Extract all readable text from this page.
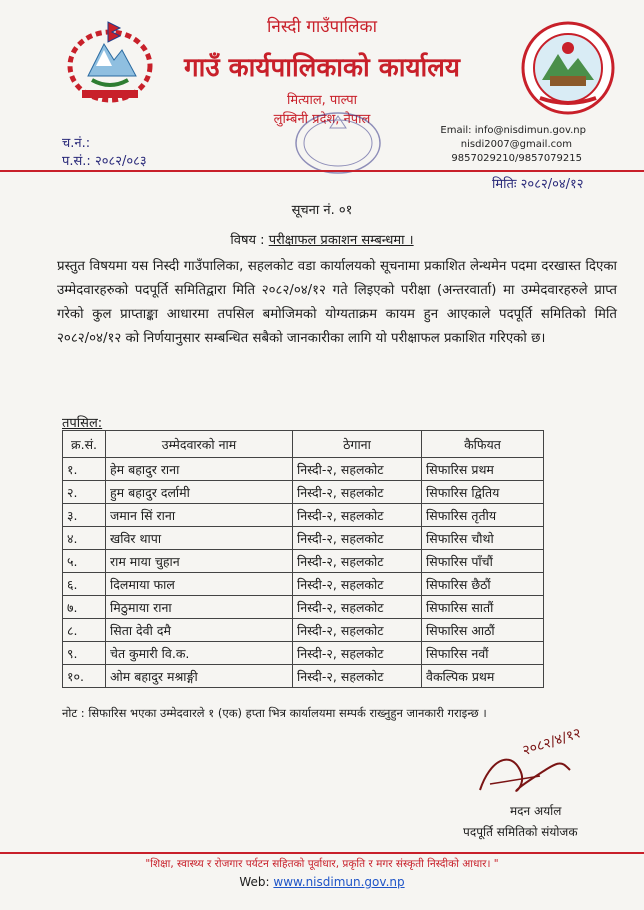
निस्दी गाउँपालिका
गाउँ कार्यपालिकाको कार्यालय
मित्याल, पाल्पा
लुम्बिनी प्रदेश, नेपाल
Email: info@nisdimun.gov.np
nisdi2007@gmail.com
9857029210/9857079215
च.नं.:
प.सं.: २०८२/०८३
मितिः २०८२/०४/१२
सूचना नं. ०१
विषय : परीक्षाफल प्रकाशन सम्बन्धमा ।
प्रस्तुत विषयमा यस निस्दी गाउँपालिका, सहलकोट वडा कार्यालयको सूचनामा प्रकाशित लेन्थमेन पदमा दरखास्त दिएका उम्मेदवारहरुको पदपूर्ति समितिद्वारा मिति २०८२/०४/१२ गते लिइएको परीक्षा (अन्तरवार्ता) मा उम्मेदवारहरुले प्राप्त गरेको कुल प्राप्ताङ्का आधारमा तपसिल बमोजिमको योग्यताक्रम कायम हुन आएकाले पदपूर्ति समितिको मिति २०८२/०४/१२ को निर्णयानुसार सम्बन्धित सबैको जानकारीका लागि यो परीक्षाफल प्रकाशित गरिएको छ।
तपसिल:
क्र.सं.	उम्मेदवारको नाम	ठेगाना	कैफियत
१.	हेम बहादुर राना	निस्दी-२, सहलकोट	सिफारिस प्रथम
२.	हुम बहादुर दर्लामी	निस्दी-२, सहलकोट	सिफारिस द्वितिय
३.	जमान सिं राना	निस्दी-२, सहलकोट	सिफारिस तृतीय
४.	खविर थापा	निस्दी-२, सहलकोट	सिफारिस चौथो
५.	राम माया चुहान	निस्दी-२, सहलकोट	सिफारिस पाँचौं
६.	दिलमाया फाल	निस्दी-२, सहलकोट	सिफारिस छैठौं
७.	मिठुमाया राना	निस्दी-२, सहलकोट	सिफारिस सातौं
८.	सिता देवी दमै	निस्दी-२, सहलकोट	सिफारिस आठौं
९.	चेत कुमारी वि.क.	निस्दी-२, सहलकोट	सिफारिस नवौं
१०.	ओम बहादुर मश्राङ्गी	निस्दी-२, सहलकोट	वैकल्पिक प्रथम
नोट : सिफारिस भएका उम्मेदवारले १ (एक) हप्ता भित्र कार्यालयमा सम्पर्क राख्नुहुन जानकारी गराइन्छ ।
२०८२/४/१२
मदन अर्याल
पदपूर्ति समितिको संयोजक
"शिक्षा, स्वास्थ्य र रोजगार पर्यटन सहितको पूर्वाधार, प्रकृति र मगर संस्कृती निस्दीको आधार। "
Web: www.nisdimun.gov.np
